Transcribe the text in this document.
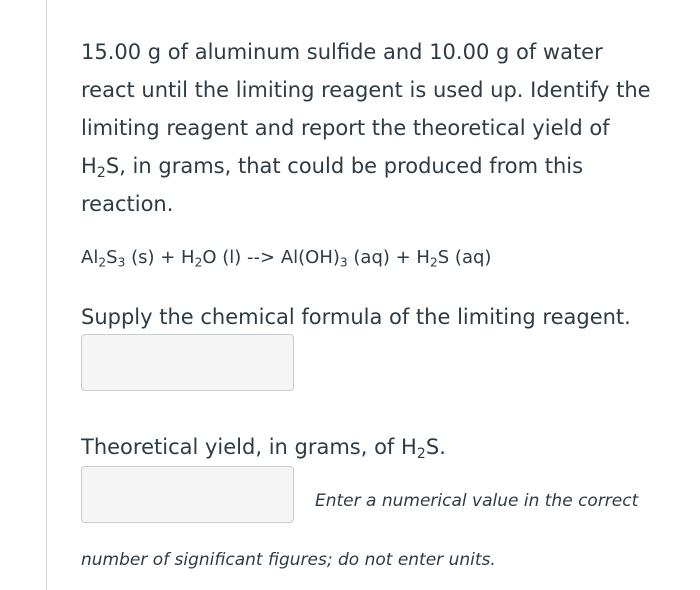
15.00 g of aluminum sulfide and 10.00 g of water react until the limiting reagent is used up. Identify the limiting reagent and report the theoretical yield of $H_2S$, in grams, that could be produced from this reaction.

$Al_2S_3$ $(s) + H_2O$ (l) --> $Al(OH)_3$ $(aq) + H_2S$ (aq)
Supply the chemical formula of the limiting reagent.
Theoretical yield, in grams, of $H_2S$.
Enter a numerical value in the correct
number of significant figures; do not enter units.
